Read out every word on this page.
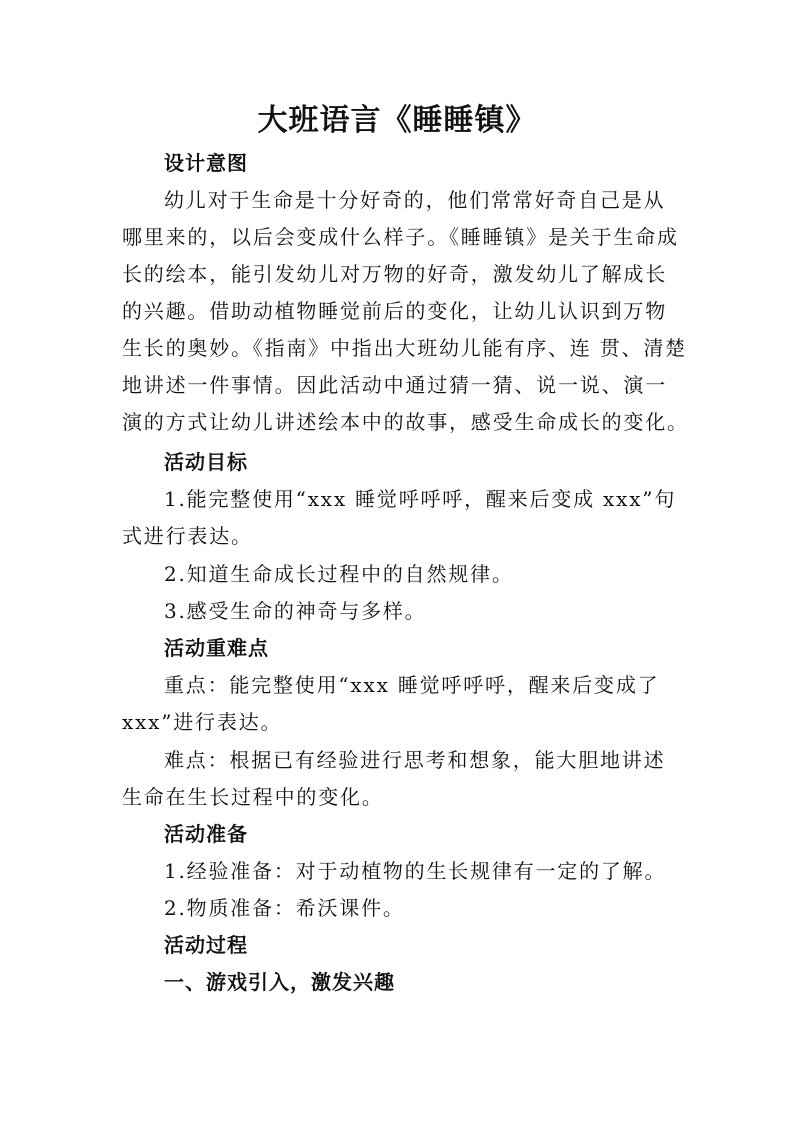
大班语言《睡睡镇》
设计意图
幼儿对于生命是十分好奇的，他们常常好奇自己是从
哪里来的，以后会变成什么样子。《睡睡镇》是关于生命成
长的绘本，能引发幼儿对万物的好奇，激发幼儿了解成长
的兴趣。借助动植物睡觉前后的变化，让幼儿认识到万物
生长的奥妙。《指南》中指出大班幼儿能有序、连 贯、清楚
地讲述一件事情。因此活动中通过猜一猜、说一说、演一
演的方式让幼儿讲述绘本中的故事，感受生命成长的变化。
活动目标
1.能完整使用“xxx 睡觉呼呼呼，醒来后变成 xxx”句
式进行表达。
2.知道生命成长过程中的自然规律。
3.感受生命的神奇与多样。
活动重难点
重点：能完整使用“xxx 睡觉呼呼呼，醒来后变成了
xxx”进行表达。
难点：根据已有经验进行思考和想象，能大胆地讲述
生命在生长过程中的变化。
活动准备
1.经验准备：对于动植物的生长规律有一定的了解。
2.物质准备：希沃课件。
活动过程
一、游戏引入，激发兴趣
